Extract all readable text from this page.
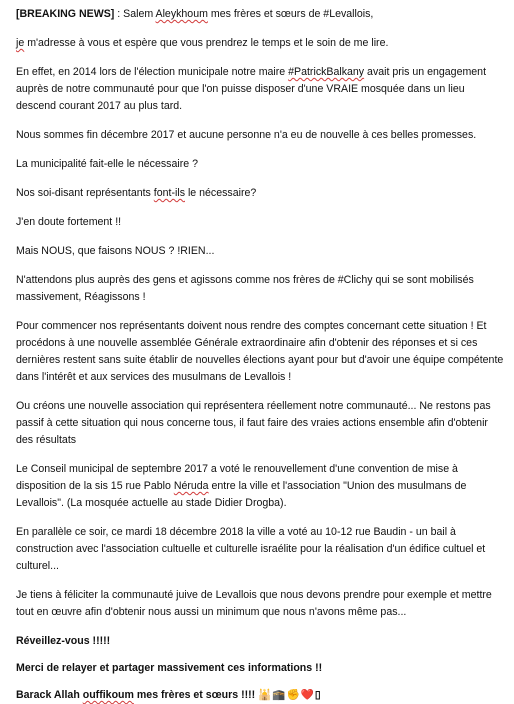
[BREAKING NEWS] : Salem Aleykhoum mes frères et sœurs de #Levallois,

je m'adresse à vous et espère que vous prendrez le temps et le soin de me lire.

En effet, en 2014 lors de l'élection municipale notre maire #PatrickBalkany avait pris un engagement auprès de notre communauté pour que l'on puisse disposer d'une VRAIE mosquée dans un lieu descend courant 2017 au plus tard.

Nous sommes fin décembre 2017 et aucune personne n'a eu de nouvelle à ces belles promesses.

La municipalité fait-elle le nécessaire ?

Nos soi-disant représentants font-ils le nécessaire?

J'en doute fortement !!

Mais NOUS, que faisons NOUS ? !RIEN...

N'attendons plus auprès des gens et agissons comme nos frères de #Clichy qui se sont mobilisés massivement, Réagissons !

Pour commencer nos représentants doivent nous rendre des comptes concernant cette situation ! Et procédons à une nouvelle assemblée Générale extraordinaire afin d'obtenir des réponses et si ces dernières restent sans suite établir de nouvelles élections ayant pour but d'avoir une équipe compétente dans l'intérêt et aux services des musulmans de Levallois !

Ou créons une nouvelle association qui représentera réellement notre communauté... Ne restons pas passif à cette situation qui nous concerne tous, il faut faire des vraies actions ensemble afin d'obtenir des résultats

Le Conseil municipal de septembre 2017 a voté le renouvellement d'une convention de mise à disposition de la sis 15 rue Pablo Néruda entre la ville et l'association "Union des musulmans de Levallois". (La mosquée actuelle au stade Didier Drogba).

En parallèle ce soir, ce mardi 18 décembre 2018 la ville a voté au 10-12 rue Baudin - un bail à construction avec l'association cultuelle et culturelle israélite pour la réalisation d'un édifice cultuel et culturel...

Je tiens à féliciter la communauté juive de Levallois que nous devons prendre pour exemple et mettre tout en œuvre afin d'obtenir nous aussi un minimum que nous n'avons même pas...

Réveillez-vous !!!!!

Merci de relayer et partager massivement ces informations !!

Barack Allah ouffikoum mes frères et sœurs !!!! 🕌🕋✊❤️▯
